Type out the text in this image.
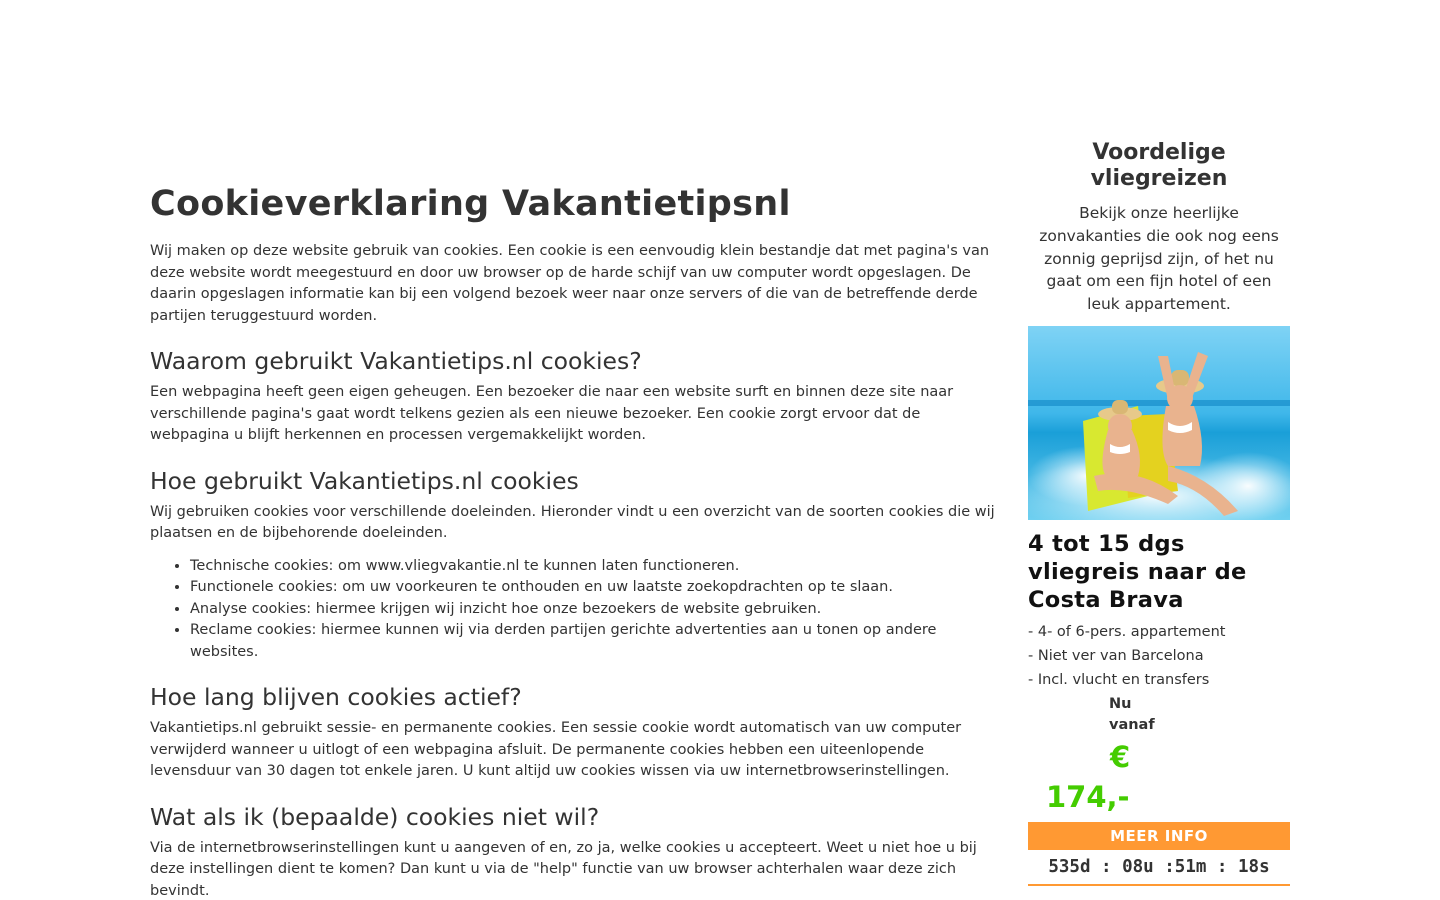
Cookieverklaring Vakantietipsnl

Wij maken op deze website gebruik van cookies. Een cookie is een eenvoudig klein bestandje dat met pagina's van deze website wordt meegestuurd en door uw browser op de harde schijf van uw computer wordt opgeslagen. De daarin opgeslagen informatie kan bij een volgend bezoek weer naar onze servers of die van de betreffende derde partijen teruggestuurd worden.

Waarom gebruikt Vakantietips.nl cookies?

Een webpagina heeft geen eigen geheugen. Een bezoeker die naar een website surft en binnen deze site naar verschillende pagina's gaat wordt telkens gezien als een nieuwe bezoeker. Een cookie zorgt ervoor dat de webpagina u blijft herkennen en processen vergemakkelijkt worden.

Hoe gebruikt Vakantietips.nl cookies

Wij gebruiken cookies voor verschillende doeleinden. Hieronder vindt u een overzicht van de soorten cookies die wij plaatsen en de bijbehorende doeleinden.

• Technische cookies: om www.vliegvakantie.nl te kunnen laten functioneren.
• Functionele cookies: om uw voorkeuren te onthouden en uw laatste zoekopdrachten op te slaan.
• Analyse cookies: hiermee krijgen wij inzicht hoe onze bezoekers de website gebruiken.
• Reclame cookies: hiermee kunnen wij via derden partijen gerichte advertenties aan u tonen op andere websites.
Hoe lang blijven cookies actief?

Vakantietips.nl gebruikt sessie- en permanente cookies. Een sessie cookie wordt automatisch van uw computer verwijderd wanneer u uitlogt of een webpagina afsluit. De permanente cookies hebben een uiteenlopende levensduur van 30 dagen tot enkele jaren. U kunt altijd uw cookies wissen via uw internetbrowserinstellingen.

Wat als ik (bepaalde) cookies niet wil?

Via de internetbrowserinstellingen kunt u aangeven of en, zo ja, welke cookies u accepteert. Weet u niet hoe u bij deze instellingen dient te komen? Dan kunt u via de "help" functie van uw browser achterhalen waar deze zich bevindt.

Voordelige vliegreizen
Bekijk onze heerlijke zonvakanties die ook nog eens zonnig geprijsd zijn, of het nu gaat om een fijn hotel of een leuk appartement.
4 tot 15 dgs vliegreis naar de Costa Brava
- 4- of 6-pers. appartement
- Niet ver van Barcelona
- Incl. vlucht en transfers
Nu vanaf
€
174,-
MEER INFO
535d : 08u :51m : 18s
